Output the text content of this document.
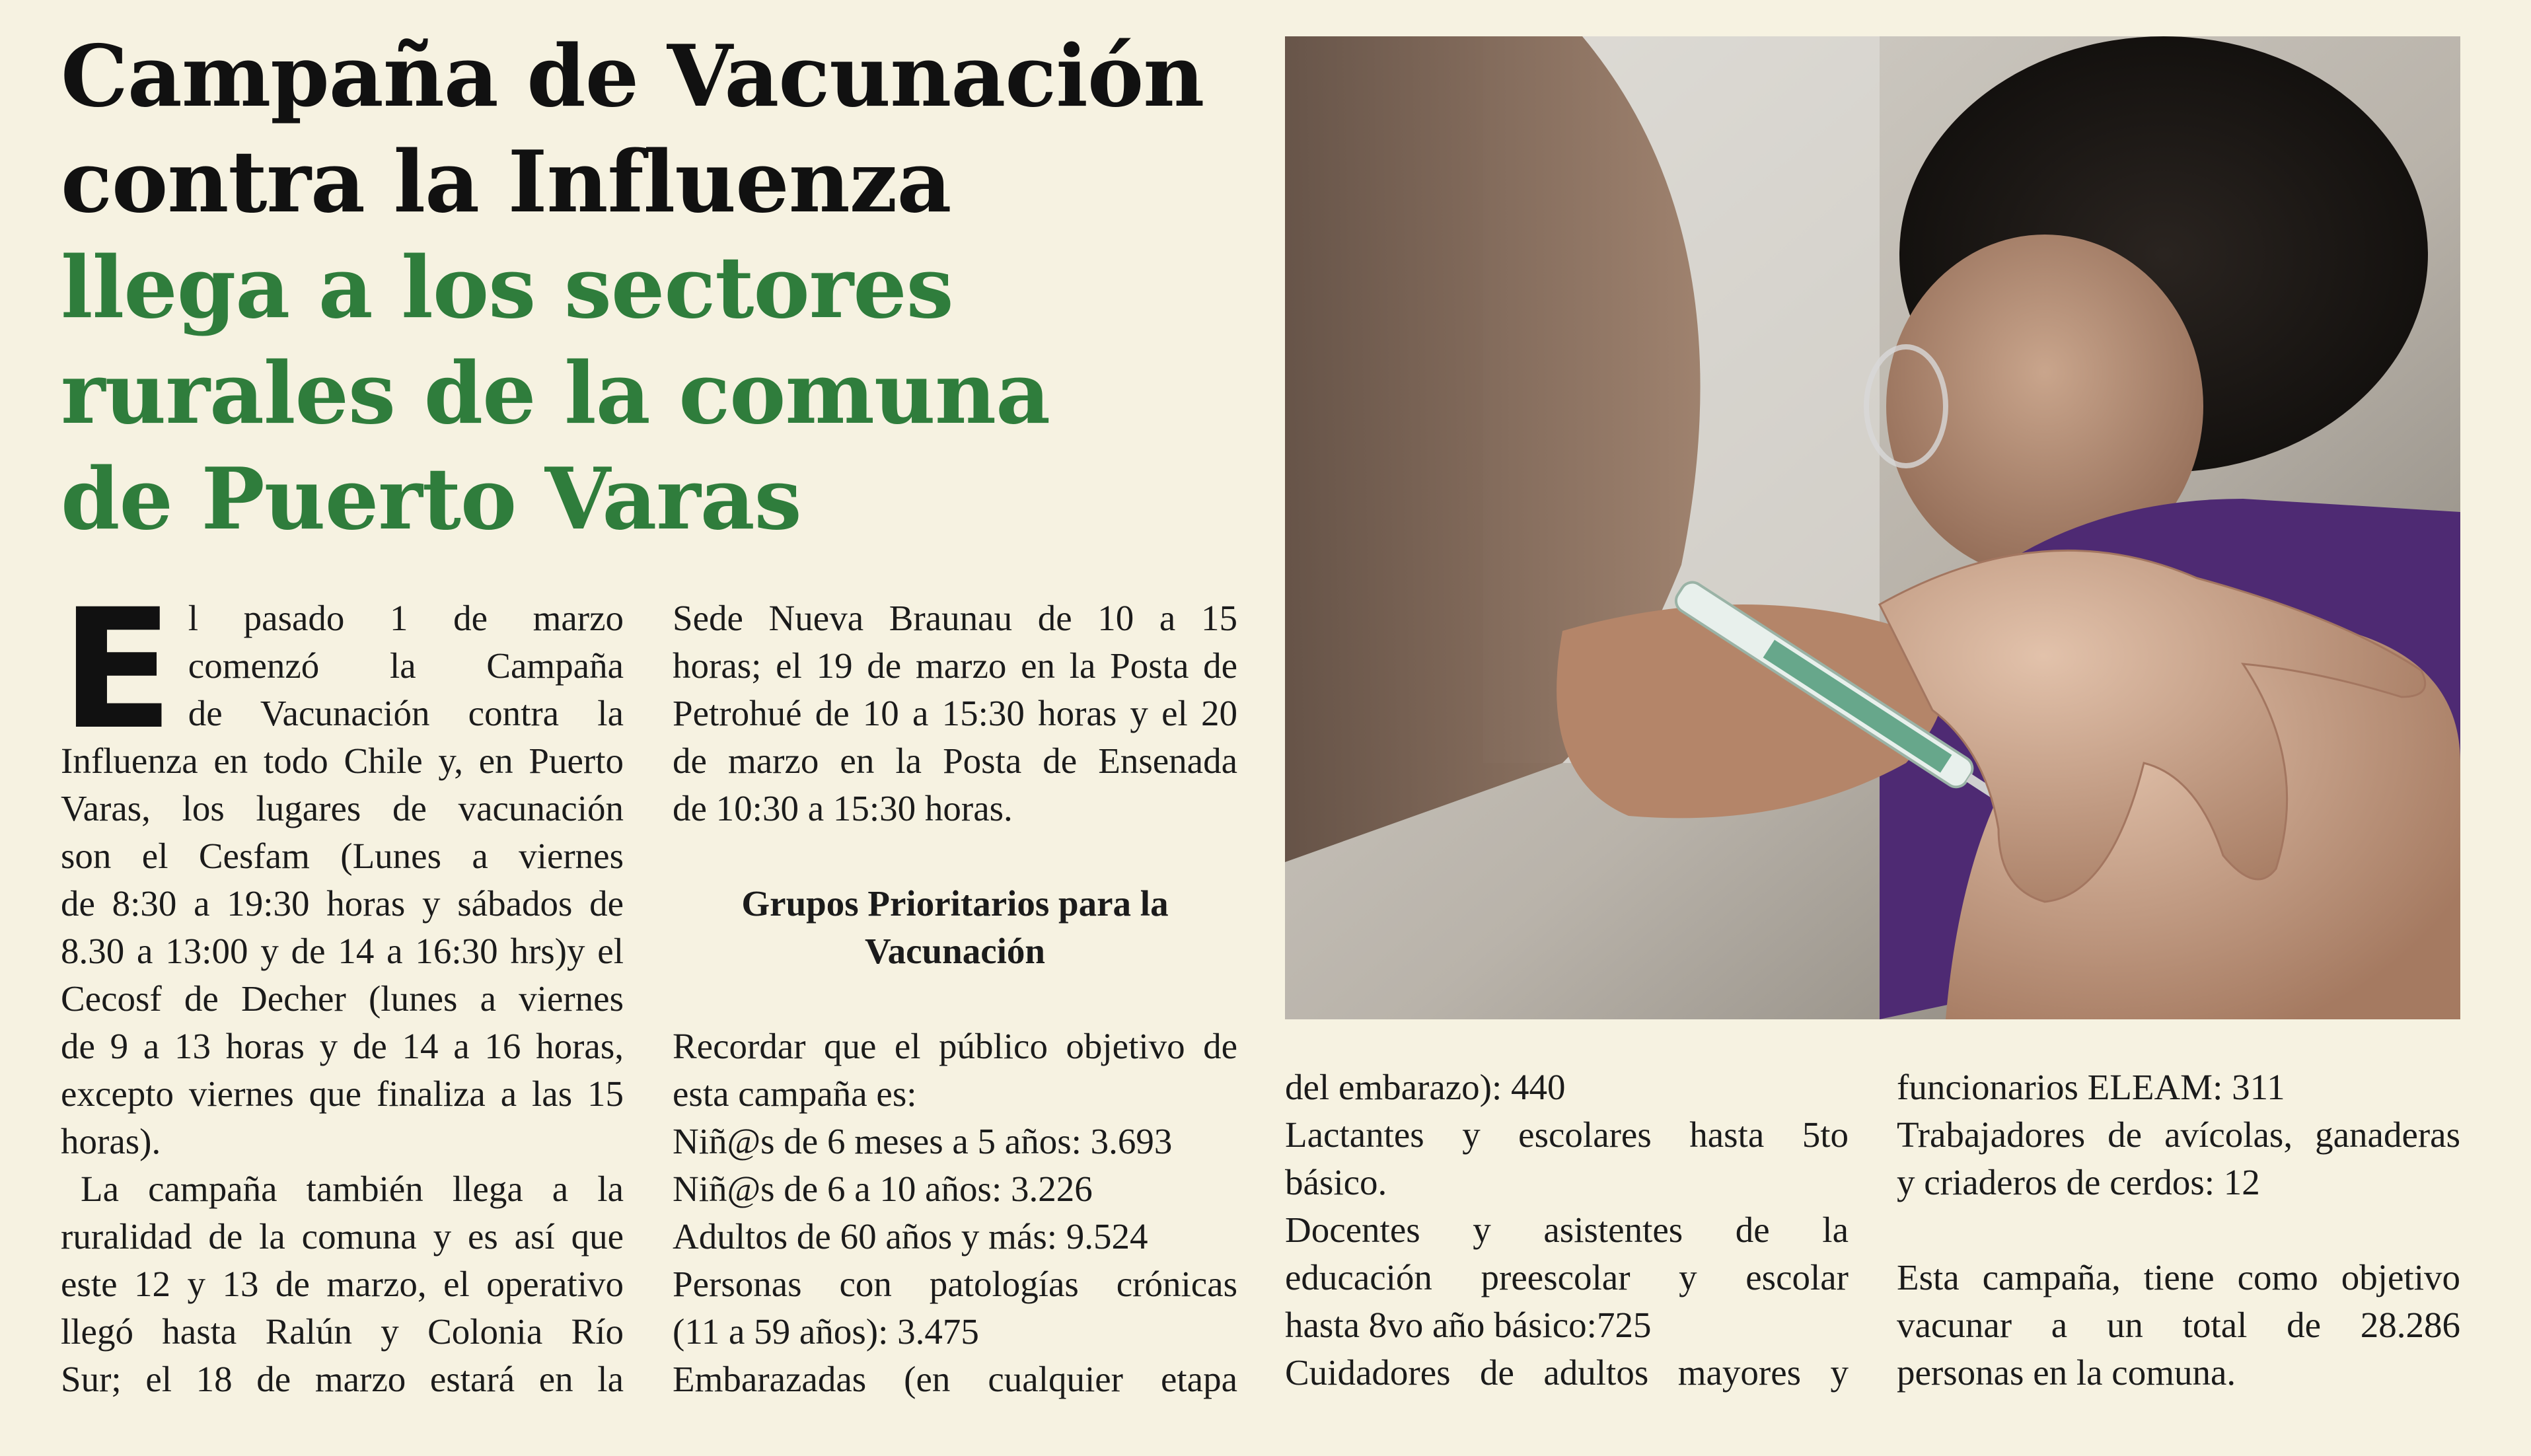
Campaña de Vacunación
contra la Influenza
llega a los sectores
rurales de la comuna
de Puerto Varas
E l pasado 1 de marzo
comenzó la Campaña
de Vacunación contra la
Influenza en todo Chile y, en Puerto
Varas, los lugares de vacunación
son el Cesfam (Lunes a viernes
de 8:30 a 19:30 horas y sábados de
8.30 a 13:00 y de 14 a 16:30 hrs)y el
Cecosf de Decher (lunes a viernes
de 9 a 13 horas y de 14 a 16 horas,
excepto viernes que finaliza a las 15
horas).
La campaña también llega a la
ruralidad de la comuna y es así que
este 12 y 13 de marzo, el operativo
llegó hasta Ralún y Colonia Río
Sur; el 18 de marzo estará en la
Sede Nueva Braunau de 10 a 15
horas; el 19 de marzo en la Posta de
Petrohué de 10 a 15:30 horas y el 20
de marzo en la Posta de Ensenada
de 10:30 a 15:30 horas.
Grupos Prioritarios para la
Vacunación
Recordar que el público objetivo de
esta campaña es:
Niñ@s de 6 meses a 5 años: 3.693
Niñ@s de 6 a 10 años: 3.226
Adultos de 60 años y más: 9.524
Personas con patologías crónicas
(11 a 59 años): 3.475
Embarazadas (en cualquier etapa
del embarazo): 440
Lactantes y escolares hasta 5to
básico.
Docentes y asistentes de la
educación preescolar y escolar
hasta 8vo año básico:725
Cuidadores de adultos mayores y
funcionarios ELEAM: 311
Trabajadores de avícolas, ganaderas
y criaderos de cerdos: 12
Esta campaña, tiene como objetivo
vacunar a un total de 28.286
personas en la comuna.
